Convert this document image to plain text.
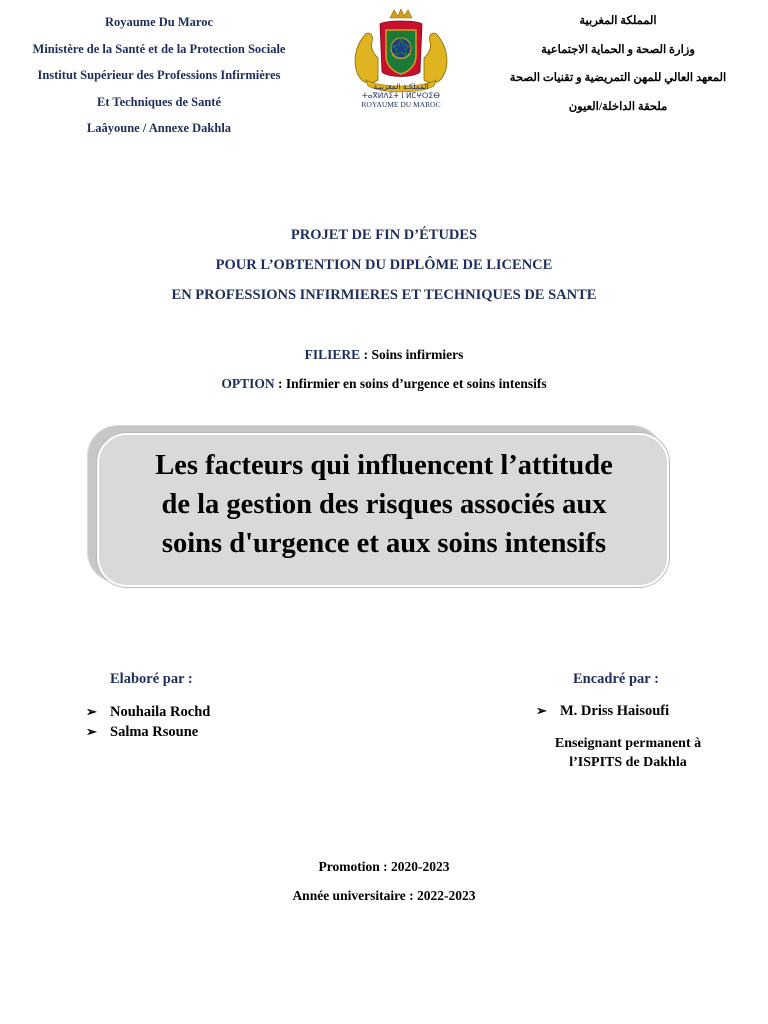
Royaume Du Maroc
Ministère de la Santé et de la Protection Sociale
Institut Supérieur des Professions Infirmières
Et Techniques de Santé
Laâyoune / Annexe Dakhla
المملكـة المغربيـة
ⵜⴰⴳⵍⴷⵉⵜ ⵏ ⵍⵎⵖⵔⵉⴱ
ROYAUME DU MAROC
المملكة المغربية
وزارة الصحة و الحماية الاجتماعية
المعهد العالي للمهن التمريضية و تقنيات الصحة
ملحقة الداخلة/العيون
PROJET DE FIN D’ÉTUDES
POUR L’OBTENTION DU DIPLÔME DE LICENCE
EN PROFESSIONS INFIRMIERES ET TECHNIQUES DE SANTE
FILIERE : Soins infirmiers
OPTION : Infirmier en soins d’urgence et soins intensifs
Les facteurs qui influencent l’attitude
de la gestion des risques associés aux
soins d'urgence et aux soins intensifs
Elaboré par :
➢ Nouhaila Rochd
➢ Salma Rsoune
Encadré par :
➢ M. Driss Haisoufi
Enseignant permanent à
l’ISPITS de Dakhla
Promotion : 2020-2023
Année universitaire : 2022-2023
